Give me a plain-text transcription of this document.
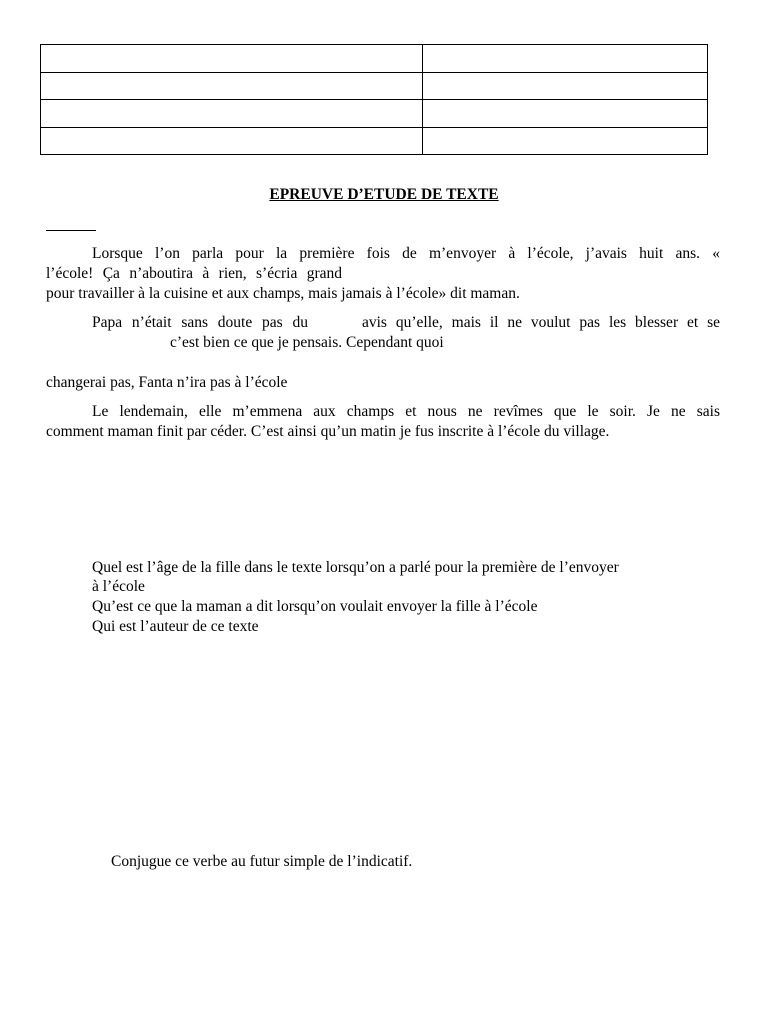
EPREUVE D’ETUDE DE TEXTE
Lorsque l’on parla pour la première fois de m’envoyer à l’école, j’avais huit ans. «
l’école! Ça n’aboutira à rien, s’écria grand
pour travailler à la cuisine et aux champs, mais jamais à l’école» dit maman.
Papa n’était sans doute pas du	avis qu’elle, mais il ne voulut pas les blesser et se
c’est bien ce que je pensais. Cependant quoi
changerai pas, Fanta n’ira pas à l’école
Le lendemain, elle m’emmena aux champs et nous ne revîmes que le soir. Je ne sais
comment maman finit par céder. C’est ainsi qu’un matin je fus inscrite à l’école du village.
Quel est l’âge de la fille dans le texte lorsqu’on a parlé pour la première de l’envoyer
à l’école
Qu’est ce que la maman a dit lorsqu’on voulait envoyer la fille à l’école
Qui est l’auteur de ce texte
Conjugue ce verbe au futur simple de l’indicatif.
